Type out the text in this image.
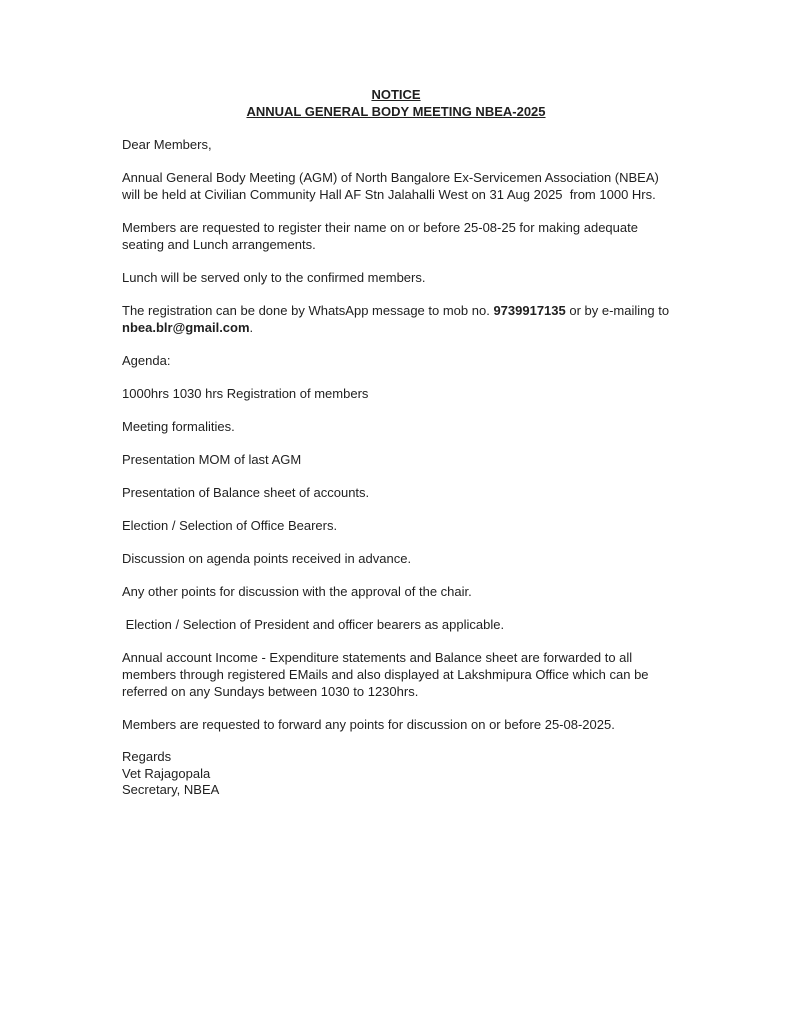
NOTICE
ANNUAL GENERAL BODY MEETING NBEA-2025

Dear Members,

Annual General Body Meeting (AGM) of North Bangalore Ex-Servicemen Association (NBEA)  will be held at Civilian Community Hall AF Stn Jalahalli West on 31 Aug 2025  from 1000 Hrs.

Members are requested to register their name on or before 25-08-25 for making adequate seating and Lunch arrangements.

Lunch will be served only to the confirmed members.

The registration can be done by WhatsApp message to mob no. 9739917135 or by e-mailing to nbea.blr@gmail.com.

Agenda:

1000hrs 1030 hrs Registration of members

Meeting formalities.

Presentation MOM of last AGM

Presentation of Balance sheet of accounts.

Election / Selection of Office Bearers.

Discussion on agenda points received in advance.

Any other points for discussion with the approval of the chair.

Election / Selection of President and officer bearers as applicable.

Annual account Income - Expenditure statements and Balance sheet are forwarded to all members through registered EMails and also displayed at Lakshmipura Office which can be referred on any Sundays between 1030 to 1230hrs.

Members are requested to forward any points for discussion on or before 25-08-2025.

Regards
Vet Rajagopala
Secretary, NBEA
